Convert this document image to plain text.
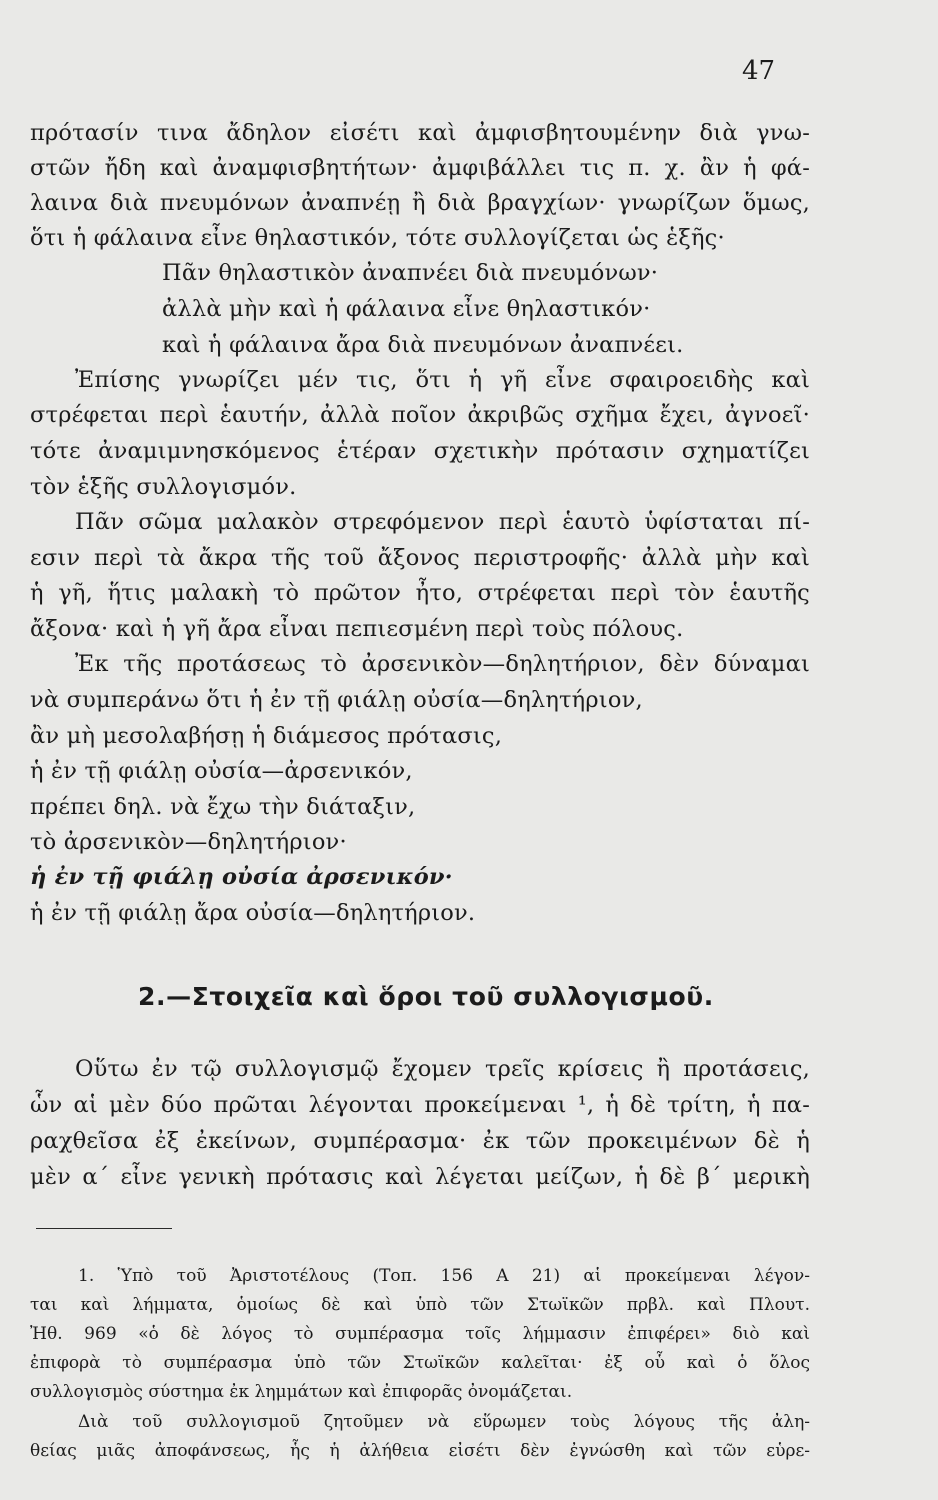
47
πρότασίν τινα ἄδηλον εἰσέτι καὶ ἀμφισβητουμένην διὰ γνω-
στῶν ἤδη καὶ ἀναμφισβητήτων· ἀμφιβάλλει τις π. χ. ἂν ἡ φά-
λαινα διὰ πνευμόνων ἀναπνέῃ ἢ διὰ βραγχίων· γνωρίζων ὅμως,
ὅτι ἡ φάλαινα εἶνε θηλαστικόν, τότε συλλογίζεται ὡς ἑξῆς·
Πᾶν θηλαστικὸν ἀναπνέει διὰ πνευμόνων·
ἀλλὰ μὴν καὶ ἡ φάλαινα εἶνε θηλαστικόν·
καὶ ἡ φάλαινα ἄρα διὰ πνευμόνων ἀναπνέει.
Ἐπίσης γνωρίζει μέν τις, ὅτι ἡ γῆ εἶνε σφαιροειδὴς καὶ
στρέφεται περὶ ἑαυτήν, ἀλλὰ ποῖον ἀκριβῶς σχῆμα ἔχει, ἀγνοεῖ·
τότε ἀναμιμνησκόμενος ἑτέραν σχετικὴν πρότασιν σχηματίζει
τὸν ἑξῆς συλλογισμόν.
Πᾶν σῶμα μαλακὸν στρεφόμενον περὶ ἑαυτὸ ὑφίσταται πί-
εσιν περὶ τὰ ἄκρα τῆς τοῦ ἄξονος περιστροφῆς· ἀλλὰ μὴν καὶ
ἡ γῆ, ἥτις μαλακὴ τὸ πρῶτον ἦτο, στρέφεται περὶ τὸν ἑαυτῆς
ἄξονα· καὶ ἡ γῆ ἄρα εἶναι πεπιεσμένη περὶ τοὺς πόλους.
Ἐκ τῆς προτάσεως τὸ ἀρσενικὸν—δηλητήριον, δὲν δύναμαι
νὰ συμπεράνω ὅτι ἡ ἐν τῇ φιάλῃ οὐσία—δηλητήριον,
ἂν μὴ μεσολαβήσῃ ἡ διάμεσος πρότασις,
ἡ ἐν τῇ φιάλῃ οὐσία—ἀρσενικόν,
πρέπει δηλ. νὰ ἔχω τὴν διάταξιν,
τὸ ἀρσενικὸν—δηλητήριον·
ἡ ἐν τῇ φιάλῃ οὐσία ἀρσενικόν·
ἡ ἐν τῇ φιάλῃ ἄρα οὐσία—δηλητήριον.
2.—Στοιχεῖα καὶ ὅροι τοῦ συλλογισμοῦ.
Οὕτω ἐν τῷ συλλογισμῷ ἔχομεν τρεῖς κρίσεις ἢ προτάσεις,
ὧν αἱ μὲν δύο πρῶται λέγονται προκείμεναι ¹, ἡ δὲ τρίτη, ἡ πα-
ραχθεῖσα ἐξ ἐκείνων, συμπέρασμα· ἐκ τῶν προκειμένων δὲ ἡ
μὲν α΄ εἶνε γενικὴ πρότασις καὶ λέγεται μείζων, ἡ δὲ β΄ μερικὴ
1. Ὑπὸ τοῦ Ἀριστοτέλους (Τοπ. 156 A 21) αἱ προκείμεναι λέγον-
ται καὶ λήμματα, ὁμοίως δὲ καὶ ὑπὸ τῶν Στωϊκῶν πρβλ. καὶ Πλουτ.
Ἠθ. 969 «ὁ δὲ λόγος τὸ συμπέρασμα τοῖς λήμμασιν ἐπιφέρει» διὸ καὶ
ἐπιφορὰ τὸ συμπέρασμα ὑπὸ τῶν Στωϊκῶν καλεῖται· ἐξ οὗ καὶ ὁ ὅλος
συλλογισμὸς σύστημα ἐκ λημμάτων καὶ ἐπιφορᾶς ὀνομάζεται.
Διὰ τοῦ συλλογισμοῦ ζητοῦμεν νὰ εὕρωμεν τοὺς λόγους τῆς ἀλη-
θείας μιᾶς ἀποφάνσεως, ἧς ἡ ἀλήθεια εἰσέτι δὲν ἐγνώσθη καὶ τῶν εὑρε-
